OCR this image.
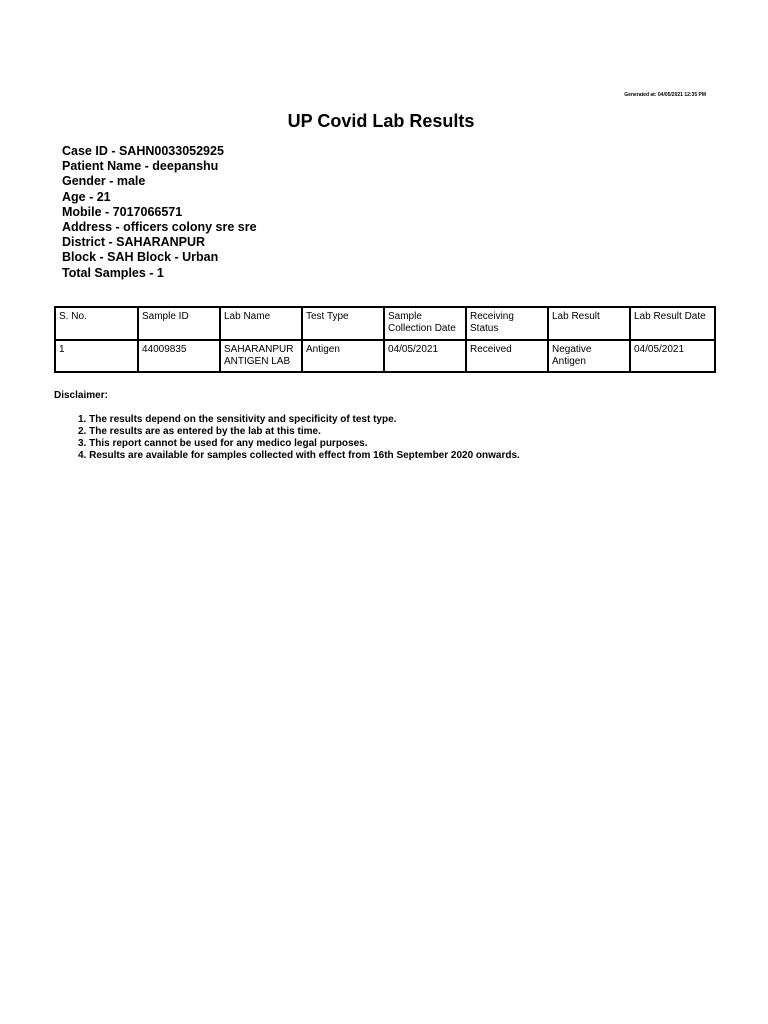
Generated at: 04/05/2021 12:35 PM
UP Covid Lab Results
Case ID - SAHN0033052925
Patient Name - deepanshu
Gender - male
Age - 21
Mobile - 7017066571
Address - officers colony sre sre
District - SAHARANPUR
Block - SAH Block - Urban
Total Samples - 1
S. No.	Sample ID	Lab Name	Test Type	Sample Collection Date	Receiving Status	Lab Result	Lab Result Date
1	44009835	SAHARANPUR ANTIGEN LAB	Antigen	04/05/2021	Received	Negative Antigen	04/05/2021

Disclaimer:

1. The results depend on the sensitivity and specificity of test type.
2. The results are as entered by the lab at this time.
3. This report cannot be used for any medico legal purposes.
4. Results are available for samples collected with effect from 16th September 2020 onwards.
